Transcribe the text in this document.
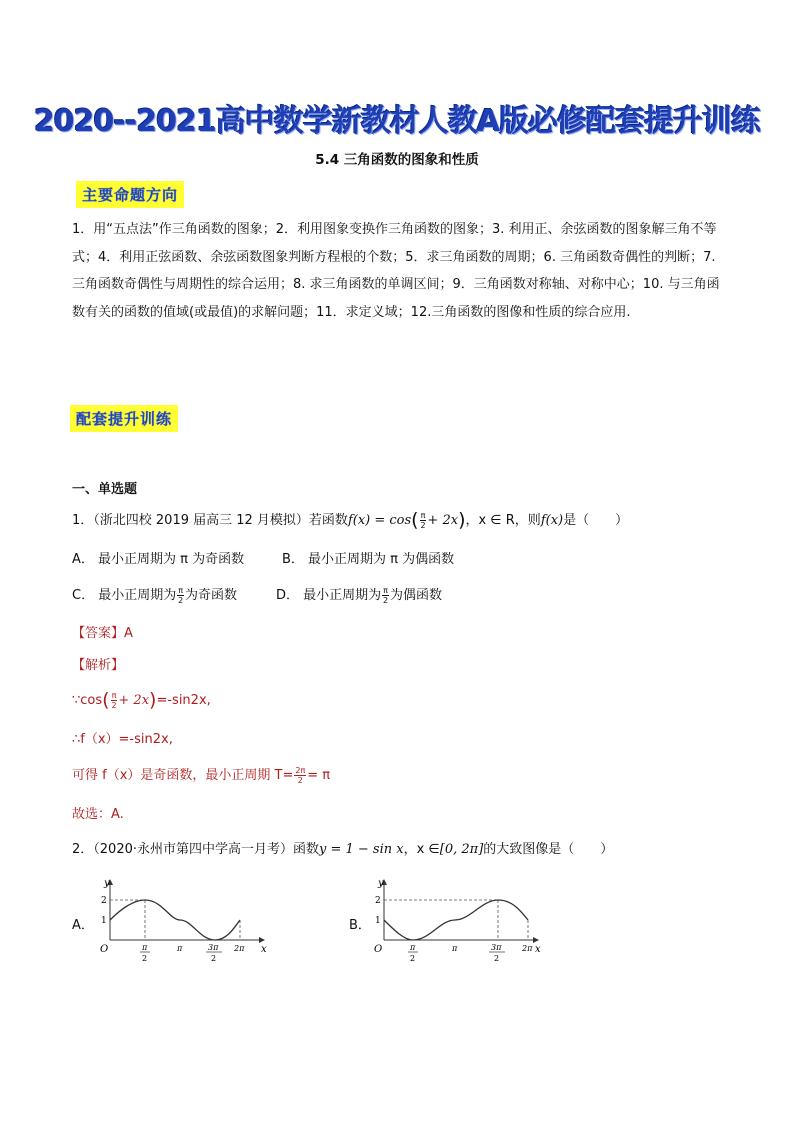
2020--2021高中数学新教材人教A版必修配套提升训练
5.4 三角函数的图象和性质
主要命题方向
1．用“五点法”作三角函数的图象；2．利用图象变换作三角函数的图象；3. 利用正、余弦函数的图象解三角不等式；4．利用正弦函数、余弦函数图象判断方程根的个数；5．求三角函数的周期；6. 三角函数奇偶性的判断；7. 三角函数奇偶性与周期性的综合运用；8. 求三角函数的单调区间；9．三角函数对称轴、对称中心；10. 与三角函数有关的函数的值域(或最值)的求解问题；11．求定义域；12.三角函数的图像和性质的综合应用.
配套提升训练
一、单选题
1．（浙北四校 2019 届高三 12 月模拟）若函数$f(x) = \cos( \frac{\pi}{2} + 2x)$，x ∈ R，则f(x)是（　　）
A． 最小正周期为 π 为奇函数	B． 最小正周期为 π 为偶函数
C． 最小正周期为 $\frac{\pi}{2}$ 为奇函数	D． 最小正周期为 $\frac{\pi}{2}$ 为偶函数
【答案】A
【解析】
∵cos( $\frac{\pi}{2} + 2x)=-\sin 2x$,
∴f（x）=-sin2x,
可得 f（x）是奇函数，最小正周期 $T= \frac{2\pi}{2} = \pi$
故选：A.
2．（2020·永州市第四中学高一月考）函数y = 1 − sin x，x ∈[0, 2π]的大致图像是（　　）
A．	B．
y
x
O
2
1
π
2
π	3π
2
2π
y
x
O
2
1
π
2
π	3π
2
2π
